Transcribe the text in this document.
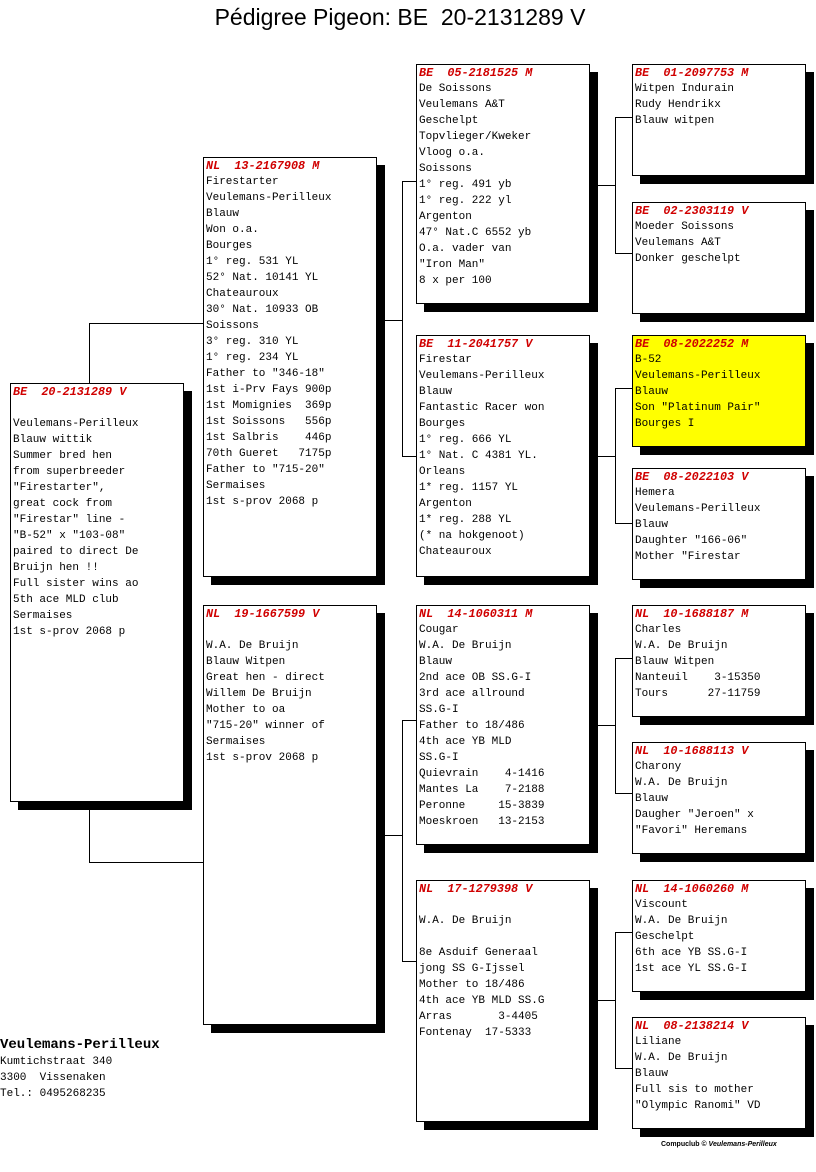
Pédigree Pigeon: BE  20-2131289 V
BE  20-2131289 V
Veulemans-Perilleux
Blauw wittik
Summer bred hen
from superbreeder
"Firestarter",
great cock from
"Firestar" line -
"B-52" x "103-08"
paired to direct De
Bruijn hen !!
Full sister wins ao
5th ace MLD club
Sermaises
1st s-prov 2068 p
NL  13-2167908 M
Firestarter
Veulemans-Perilleux
Blauw
Won o.a.
Bourges
1° reg. 531 YL
52° Nat. 10141 YL
Chateauroux
30° Nat. 10933 OB
Soissons
3° reg. 310 YL
1° reg. 234 YL
Father to "346-18"
1st i-Prv Fays 900p
1st Momignies  369p
1st Soissons   556p
1st Salbris    446p
70th Gueret   7175p
Father to "715-20"
Sermaises
1st s-prov 2068 p
NL  19-1667599 V
W.A. De Bruijn
Blauw Witpen
Great hen - direct
Willem De Bruijn
Mother to oa
"715-20" winner of
Sermaises
1st s-prov 2068 p
BE  05-2181525 M
De Soissons
Veulemans A&T
Geschelpt
Topvlieger/Kweker
Vloog o.a.
Soissons
1° reg. 491 yb
1° reg. 222 yl
Argenton
47° Nat.C 6552 yb
O.a. vader van
"Iron Man"
8 x per 100
BE  11-2041757 V
Firestar
Veulemans-Perilleux
Blauw
Fantastic Racer won
Bourges
1° reg. 666 YL
1° Nat. C 4381 YL.
Orleans
1* reg. 1157 YL
Argenton
1* reg. 288 YL
(* na hokgenoot)
Chateauroux
NL  14-1060311 M
Cougar
W.A. De Bruijn
Blauw
2nd ace OB SS.G-I
3rd ace allround
SS.G-I
Father to 18/486
4th ace YB MLD
SS.G-I
Quievrain    4-1416
Mantes La    7-2188
Peronne     15-3839
Moeskroen   13-2153
NL  17-1279398 V
W.A. De Bruijn
8e Asduif Generaal
jong SS G-Ijssel
Mother to 18/486
4th ace YB MLD SS.G
Arras       3-4405
Fontenay  17-5333
BE  01-2097753 M
Witpen Indurain
Rudy Hendrikx
Blauw witpen
BE  02-2303119 V
Moeder Soissons
Veulemans A&T
Donker geschelpt
BE  08-2022252 M
B-52
Veulemans-Perilleux
Blauw
Son "Platinum Pair"
Bourges I
BE  08-2022103 V
Hemera
Veulemans-Perilleux
Blauw
Daughter "166-06"
Mother "Firestar
NL  10-1688187 M
Charles
W.A. De Bruijn
Blauw Witpen
Nanteuil    3-15350
Tours      27-11759
NL  10-1688113 V
Charony
W.A. De Bruijn
Blauw
Daugher "Jeroen" x
"Favori" Heremans
NL  14-1060260 M
Viscount
W.A. De Bruijn
Geschelpt
6th ace YB SS.G-I
1st ace YL SS.G-I
NL  08-2138214 V
Liliane
W.A. De Bruijn
Blauw
Full sis to mother
"Olympic Ranomi" VD
Veulemans-Perilleux
Kumtichstraat 340
3300  Vissenaken
Tel.: 0495268235
Compuclub © Veulemans-Perilleux
